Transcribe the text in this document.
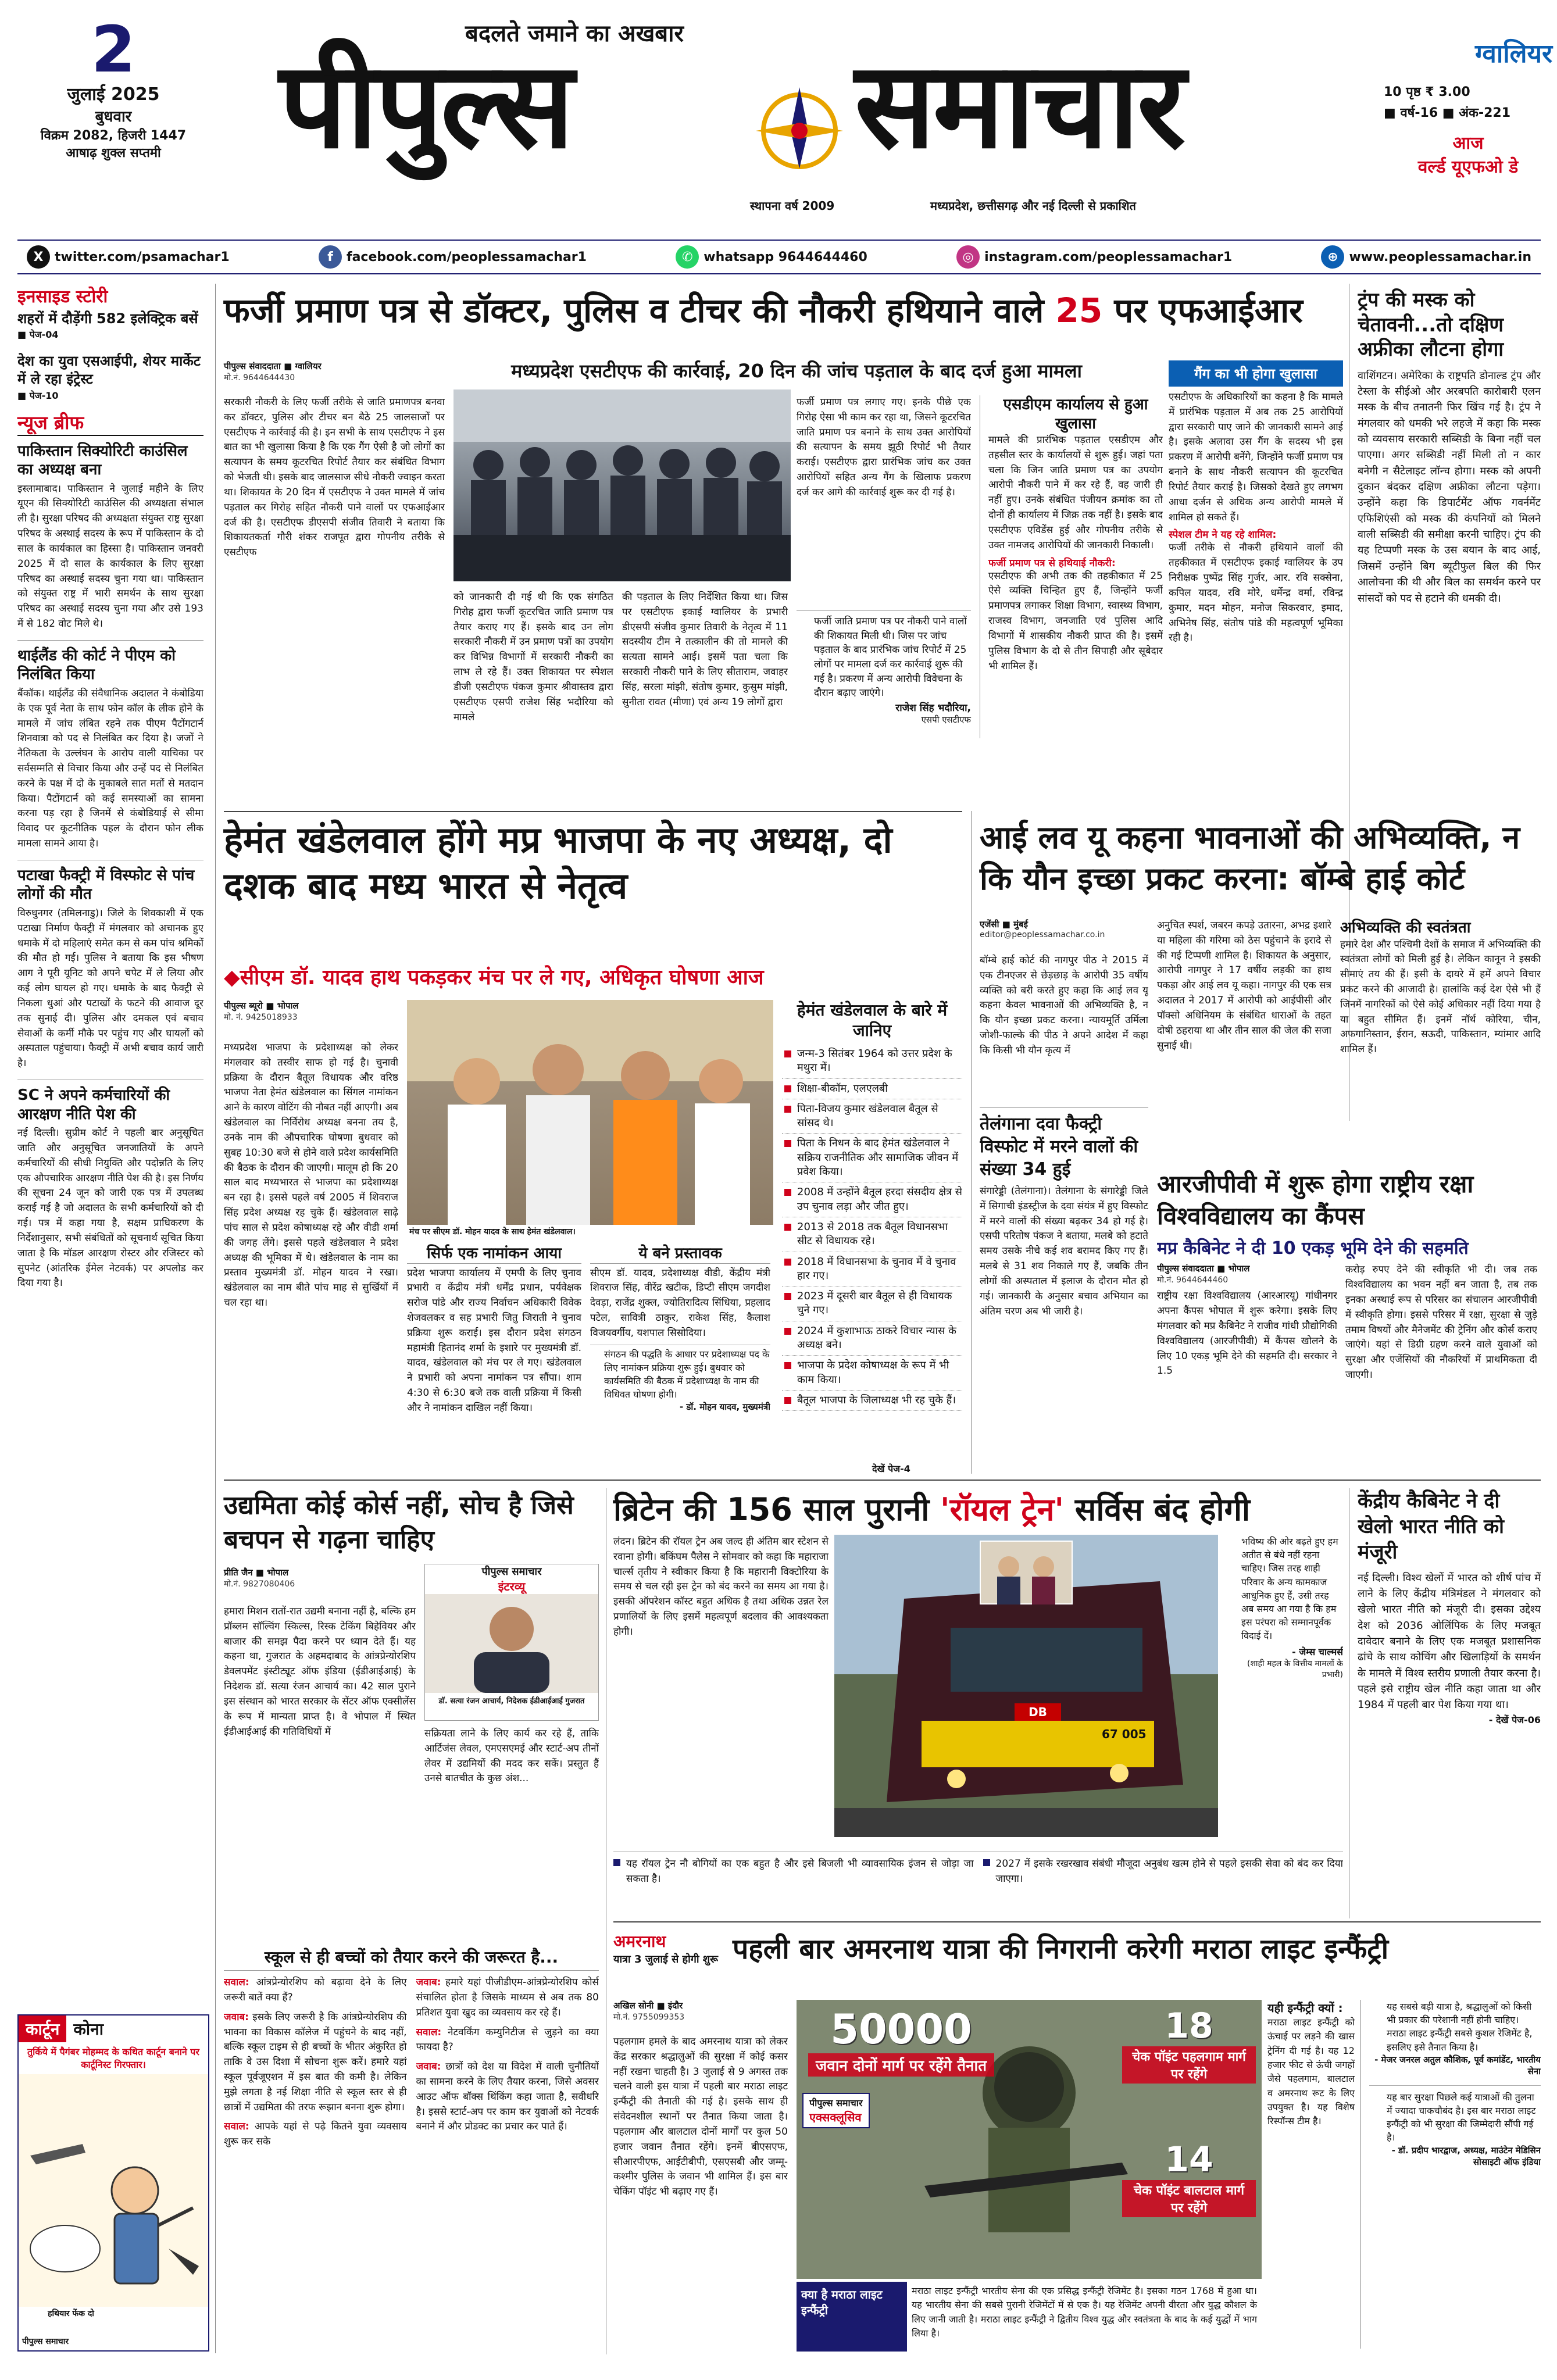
2
जुलाई 2025
बुधवार
विक्रम 2082, हिजरी 1447
आषाढ़ शुक्ल सप्तमी
बदलते जमाने का अखबार
पीपुल्स समाचार
स्थापना वर्ष 2009	मध्यप्रदेश, छत्तीसगढ़ और नई दिल्ली से प्रकाशित
ग्वालियर
10 पृष्ठ ₹ 3.00
■ वर्ष-16 ■ अंक-221
आज
वर्ल्ड यूएफओ डे
X twitter.com/psamachar1	f	facebook.com/peoplessamachar1	✆ whatsapp 9644644460	◎ instagram.com/peoplessamachar1	⊕ www.peoplessamachar.in
इनसाइड स्टोरी
शहरों में दौड़ेंगी 582 इलेक्ट्रिक बसें
■ पेज-04
देश का युवा एसआईपी, शेयर मार्केट में ले रहा इंट्रेस्ट
■ पेज-10
न्यूज ब्रीफ
पाकिस्तान सिक्योरिटी काउंसिल का अध्यक्ष बना
इस्लामाबाद। पाकिस्तान ने जुलाई महीने के लिए यूएन की सिक्योरिटी काउंसिल की अध्यक्षता संभाल ली है। सुरक्षा परिषद की अध्यक्षता संयुक्त राष्ट्र सुरक्षा परिषद के अस्थाई सदस्य के रूप में पाकिस्तान के दो साल के कार्यकाल का हिस्सा है। पाकिस्तान जनवरी 2025 में दो साल के कार्यकाल के लिए सुरक्षा परिषद का अस्थाई सदस्य चुना गया था। पाकिस्तान को संयुक्त राष्ट्र में भारी समर्थन के साथ सुरक्षा परिषद का अस्थाई सदस्य चुना गया और उसे 193 में से 182 वोट मिले थे।
थाईलैंड की कोर्ट ने पीएम को निलंबित किया
बैंकॉक। थाईलैंड की संवैधानिक अदालत ने कंबोडिया के एक पूर्व नेता के साथ फोन कॉल के लीक होने के मामले में जांच लंबित रहने तक पीएम पैटोंगटार्न शिनवात्रा को पद से निलंबित कर दिया है। जजों ने नैतिकता के उल्लंघन के आरोप वाली याचिका पर सर्वसम्मति से विचार किया और उन्हें पद से निलंबित करने के पक्ष में दो के मुकाबले सात मतों से मतदान किया। पैटोंगटार्न को कई समस्याओं का सामना करना पड़ रहा है जिनमें से कंबोडियाई से सीमा विवाद पर कूटनीतिक पहल के दौरान फोन लीक मामला सामने आया है।
पटाखा फैक्ट्री में विस्फोट से पांच लोगों की मौत
विरुधुनगर (तमिलनाडु)। जिले के शिवकाशी में एक पटाखा निर्माण फैक्ट्री में मंगलवार को अचानक हुए धमाके में दो महिलाएं समेत कम से कम पांच श्रमिकों की मौत हो गई। पुलिस ने बताया कि इस भीषण आग ने पूरी यूनिट को अपने चपेट में ले लिया और कई लोग घायल हो गए। धमाके के बाद फैक्ट्री से निकला धुआं और पटाखों के फटने की आवाज दूर तक सुनाई दी। पुलिस और दमकल एवं बचाव सेवाओं के कर्मी मौके पर पहुंच गए और घायलों को अस्पताल पहुंचाया। फैक्ट्री में अभी बचाव कार्य जारी है।
SC ने अपने कर्मचारियों की आरक्षण नीति पेश की
नई दिल्ली। सुप्रीम कोर्ट ने पहली बार अनुसूचित जाति और अनुसूचित जनजातियों के अपने कर्मचारियों की सीधी नियुक्ति और पदोन्नति के लिए एक औपचारिक आरक्षण नीति पेश की है। इस निर्णय की सूचना 24 जून को जारी एक पत्र में उपलब्ध कराई गई है जो अदालत के सभी कर्मचारियों को दी गई। पत्र में कहा गया है, सक्षम प्राधिकरण के निर्देशानुसार, सभी संबंधितों को सूचनार्थ सूचित किया जाता है कि मॉडल आरक्षण रोस्टर और रजिस्टर को सुपनेट (आंतरिक ईमेल नेटवर्क) पर अपलोड कर दिया गया है।
कार्टून कोना
तुर्किये में पैगंबर मोहम्मद के कथित कार्टून बनाने पर कार्टूनिस्ट गिरफ्तार।
हथियार फेंक दो
पीपुल्स समाचार
फर्जी प्रमाण पत्र से डॉक्टर, पुलिस व टीचर की नौकरी हथियाने वाले 25 पर एफआईआर
पीपुल्स संवाददाता ■ ग्वालियर
मो.नं. 9644644430	मध्यप्रदेश एसटीएफ की कार्रवाई, 20 दिन की जांच पड़ताल के बाद दर्ज हुआ मामला
सरकारी नौकरी के लिए फर्जी तरीके से जाति प्रमाणपत्र बनवा कर डॉक्टर, पुलिस और टीचर बन बैठे 25 जालसाजों पर एसटीएफ ने कार्रवाई की है। इन सभी के साथ एसटीएफ ने इस बात का भी खुलासा किया है कि एक गैंग ऐसी है जो लोगों का सत्यापन के समय कूटरचित रिपोर्ट तैयार कर संबंधित विभाग को भेजती थी। इसके बाद जालसाज सीधे नौकरी ज्वाइन करता था। शिकायत के 20 दिन में एसटीएफ ने उक्त मामले में जांच पड़ताल कर गिरोह सहित नौकरी पाने वालों पर एफआईआर दर्ज की है। एसटीएफ डीएसपी संजीव तिवारी ने बताया कि शिकायतकर्ता गौरी शंकर राजपूत द्वारा गोपनीय तरीके से एसटीएफ
को जानकारी दी गई थी कि एक संगठित गिरोह द्वारा फर्जी कूटरचित जाति प्रमाण पत्र तैयार कराए गए हैं। इसके बाद उन लोग सरकारी नौकरी में उन प्रमाण पत्रों का उपयोग कर विभिन्न विभागों में सरकारी नौकरी का लाभ ले रहे हैं। उक्त शिकायत पर स्पेशल डीजी एसटीएफ पंकज कुमार श्रीवास्तव द्वारा एसटीएफ एसपी राजेश सिंह भदौरिया को मामले
की पड़ताल के लिए निर्देशित किया था। जिस पर एसटीएफ इकाई ग्वालियर के प्रभारी डीएसपी संजीव कुमार तिवारी के नेतृत्व में 11 सदस्यीय टीम ने तत्कालीन की तो मामले की सत्यता सामने आई। इसमें पता चला कि सरकारी नौकरी पाने के लिए सीताराम, जवाहर सिंह, सरला मांझी, संतोष कुमार, कुसुम मांझी, सुनीता रावत (मीणा) एवं अन्य 19 लोगों द्वारा
फर्जी प्रमाण पत्र लगाए गए। इनके पीछे एक गिरोह ऐसा भी काम कर रहा था, जिसने कूटरचित जाति प्रमाण पत्र बनाने के साथ उक्त आरोपियों की सत्यापन के समय झूठी रिपोर्ट भी तैयार कराई। एसटीएफ द्वारा प्रारंभिक जांच कर उक्त आरोपियों सहित अन्य गैंग के खिलाफ प्रकरण दर्ज कर आगे की कार्रवाई शुरू कर दी गई है।
फर्जी जाति प्रमाण पत्र पर नौकरी पाने वालों की शिकायत मिली थी। जिस पर जांच पड़ताल के बाद प्रारंभिक जांच रिपोर्ट में 25 लोगों पर मामला दर्ज कर कार्रवाई शुरू की गई है। प्रकरण में अन्य आरोपी विवेचना के दौरान बढ़ाए जाएंगे।
राजेश सिंह भदौरिया,
एसपी एसटीएफ
एसडीएम कार्यालय से हुआ खुलासा
मामले की प्रारंभिक पड़ताल एसडीएम और तहसील स्तर के कार्यालयों से शुरू हुई। जहां पता चला कि जिन जाति प्रमाण पत्र का उपयोग आरोपी नौकरी पाने में कर रहे हैं, वह जारी ही नहीं हुए। उनके संबंधित पंजीयन क्रमांक का तो दोनों ही कार्यालय में जिक्र तक नहीं है। इसके बाद एसटीएफ एविडेंस हुई और गोपनीय तरीके से उक्त नामजद आरोपियों की जानकारी निकाली।
फर्जी प्रमाण पत्र से हथियाई नौकरी:
एसटीएफ की अभी तक की तहकीकात में 25 ऐसे व्यक्ति चिन्हित हुए हैं, जिन्होंने फर्जी प्रमाणपत्र लगाकर शिक्षा विभाग, स्वास्थ्य विभाग, राजस्व विभाग, जनजाति एवं पुलिस आदि विभागों में शासकीय नौकरी प्राप्त की है। इसमें पुलिस विभाग के दो से तीन सिपाही और सूबेदार भी शामिल हैं।
गैंग का भी होगा खुलासा
एसटीएफ के अधिकारियों का कहना है कि मामले में प्रारंभिक पड़ताल में अब तक 25 आरोपियों द्वारा सरकारी पाए जाने की जानकारी सामने आई है। इसके अलावा उस गैंग के सदस्य भी इस प्रकरण में आरोपी बनेंगे, जिन्होंने फर्जी प्रमाण पत्र बनाने के साथ नौकरी सत्यापन की कूटरचित रिपोर्ट तैयार कराई है। जिसको देखते हुए लगभग आधा दर्जन से अधिक अन्य आरोपी मामले में शामिल हो सकते हैं।
स्पेशल टीम ने यह रहे शामिल:
फर्जी तरीके से नौकरी हथियाने वालों की तहकीकात में एसटीएफ इकाई ग्वालियर के उप निरीक्षक पुष्पेंद्र सिंह गुर्जर, आर. रवि सक्सेना, कपिल यादव, रवि मोरे, धर्मेन्द्र वर्मा, रविन्द्र कुमार, मदन मोहन, मनोज सिकरवार, इमाद, अभिनेष सिंह, संतोष पांडे की महत्वपूर्ण भूमिका रही है।
ट्रंप की मस्क को चेतावनी...तो दक्षिण अफ्रीका लौटना होगा
वाशिंगटन। अमेरिका के राष्ट्रपति डोनाल्ड ट्रंप और टेस्ला के सीईओ और अरबपति कारोबारी एलन मस्क के बीच तनातनी फिर खिंच गई है। ट्रंप ने मंगलवार को धमकी भरे लहजे में कहा कि मस्क को व्यवसाय सरकारी सब्सिडी के बिना नहीं चल पाएगा। अगर सब्सिडी नहीं मिली तो न कार बनेगी न सैटेलाइट लॉन्च होगा। मस्क को अपनी दुकान बंदकर दक्षिण अफ्रीका लौटना पड़ेगा। उन्होंने कहा कि डिपार्टमेंट ऑफ गवर्नमेंट एफिशिएंसी को मस्क की कंपनियों को मिलने वाली सब्सिडी की समीक्षा करनी चाहिए। ट्रंप की यह टिप्पणी मस्क के उस बयान के बाद आई, जिसमें उन्होंने बिग ब्यूटीफुल बिल की फिर आलोचना की थी और बिल का समर्थन करने पर सांसदों को पद से हटाने की धमकी दी।
हेमंत खंडेलवाल होंगे मप्र भाजपा के नए अध्यक्ष, दो दशक बाद मध्य भारत से नेतृत्व
◆सीएम डॉ. यादव हाथ पकड़कर मंच पर ले गए, अधिकृत घोषणा आज
पीपुल्स ब्यूरो ■ भोपाल
मो. नं. 9425018933
मध्यप्रदेश भाजपा के प्रदेशाध्यक्ष को लेकर मंगलवार को तस्वीर साफ हो गई है। चुनावी प्रक्रिया के दौरान बैतूल विधायक और वरिष्ठ भाजपा नेता हेमंत खंडेलवाल का सिंगल नामांकन आने के कारण वोटिंग की नौबत नहीं आएगी। अब खंडेलवाल का निर्विरोध अध्यक्ष बनना तय है, उनके नाम की औपचारिक घोषणा बुधवार को सुबह 10:30 बजे से होने वाले प्रदेश कार्यसमिति की बैठक के दौरान की जाएगी। मालूम हो कि 20 साल बाद मध्यभारत से भाजपा का प्रदेशाध्यक्ष बन रहा है। इससे पहले वर्ष 2005 में शिवराज सिंह प्रदेश अध्यक्ष रह चुके हैं। खंडेलवाल साढ़े पांच साल से प्रदेश कोषाध्यक्ष रहे और वीडी शर्मा की जगह लेंगे। इससे पहले खंडेलवाल ने प्रदेश अध्यक्ष की भूमिका में थे। खंडेलवाल के नाम का प्रस्ताव मुख्यमंत्री डॉ. मोहन यादव ने रखा। खंडेलवाल का नाम बीते पांच माह से सुर्खियों में चल रहा था।
मंच पर सीएम डॉ. मोहन यादव के साथ हेमंत खंडेलवाल।
सिर्फ एक नामांकन आया
प्रदेश भाजपा कार्यालय में एमपी के लिए चुनाव प्रभारी व केंद्रीय मंत्री धर्मेंद्र प्रधान, पर्यवेक्षक सरोज पांडे और राज्य निर्वाचन अधिकारी विवेक शेजवलकर व सह प्रभारी जितु जिराती ने चुनाव प्रक्रिया शुरू कराई। इस दौरान प्रदेश संगठन महामंत्री हितानंद शर्मा के इशारे पर मुख्यमंत्री डॉ. यादव, खंडेलवाल को मंच पर ले गए। खंडेलवाल ने प्रभारी को अपना नामांकन पत्र सौंपा। शाम 4:30 से 6:30 बजे तक वाली प्रक्रिया में किसी और ने नामांकन दाखिल नहीं किया।
ये बने प्रस्तावक
सीएम डॉ. यादव, प्रदेशाध्यक्ष वीडी, केंद्रीय मंत्री शिवराज सिंह, वीरेंद्र खटीक, डिप्टी सीएम जगदीश देवड़ा, राजेंद्र शुक्ल, ज्योतिरादित्य सिंधिया, प्रहलाद पटेल, सावित्री ठाकुर, राकेश सिंह, कैलाश विजयवर्गीय, यशपाल सिसोदिया।
संगठन की पद्धति के आधार पर प्रदेशाध्यक्ष पद के लिए नामांकन प्रक्रिया शुरू हुई। बुधवार को कार्यसमिति की बैठक में प्रदेशाध्यक्ष के नाम की विधिवत घोषणा होगी।
- डॉ. मोहन यादव, मुख्यमंत्री
हेमंत खंडेलवाल के बारे में जानिए
जन्म-3 सितंबर 1964 को उत्तर प्रदेश के मथुरा में।
शिक्षा-बीकॉम, एलएलबी
पिता-विजय कुमार खंडेलवाल बैतूल से सांसद थे।
पिता के निधन के बाद हेमंत खंडेलवाल ने सक्रिय राजनीतिक और सामाजिक जीवन में प्रवेश किया।
2008 में उन्होंने बैतूल हरदा संसदीय क्षेत्र से उप चुनाव लड़ा और जीत हुए।
2013 से 2018 तक बैतूल विधानसभा सीट से विधायक रहे।
2018 में विधानसभा के चुनाव में वे चुनाव हार गए।
2023 में दूसरी बार बैतूल से ही विधायक चुने गए।
2024 में कुशाभाऊ ठाकरे विचार न्यास के अध्यक्ष बने।
भाजपा के प्रदेश कोषाध्यक्ष के रूप में भी काम किया।
बैतूल भाजपा के जिलाध्यक्ष भी रह चुके हैं।
देखें पेज-4
आई लव यू कहना भावनाओं की अभिव्यक्ति, न कि यौन इच्छा प्रकट करना: बॉम्बे हाई कोर्ट
एजेंसी ■ मुंबई
editor@peoplessamachar.co.in
बॉम्बे हाई कोर्ट की नागपुर पीठ ने 2015 में एक टीनएजर से छेड़छाड़ के आरोपी 35 वर्षीय व्यक्ति को बरी करते हुए कहा कि आई लव यू कहना केवल भावनाओं की अभिव्यक्ति है, न कि यौन इच्छा प्रकट करना। न्यायमूर्ति उर्मिला जोशी-फाल्के की पीठ ने अपने आदेश में कहा कि किसी भी यौन कृत्य में
अनुचित स्पर्श, जबरन कपड़े उतारना, अभद्र इशारे या महिला की गरिमा को ठेस पहुंचाने के इरादे से की गई टिप्पणी शामिल है। शिकायत के अनुसार, आरोपी नागपुर ने 17 वर्षीय लड़की का हाथ पकड़ा और आई लव यू कहा। नागपुर की एक सत्र अदालत ने 2017 में आरोपी को आईपीसी और पॉक्सो अधिनियम के संबंधित धाराओं के तहत दोषी ठहराया था और तीन साल की जेल की सजा सुनाई थी।
अभिव्यक्ति की स्वतंत्रता
हमारे देश और पश्चिमी देशों के समाज में अभिव्यक्ति की स्वतंत्रता लोगों को मिली हुई है। लेकिन कानून ने इसकी सीमाएं तय की हैं। इसी के दायरे में हमें अपने विचार प्रकट करने की आजादी है। हालांकि कई देश ऐसे भी हैं जिनमें नागरिकों को ऐसे कोई अधिकार नहीं दिया गया है या बहुत सीमित हैं। इनमें नॉर्थ कोरिया, चीन, अफगानिस्तान, ईरान, सऊदी, पाकिस्तान, म्यांमार आदि शामिल हैं।
तेलंगाना दवा फैक्ट्री विस्फोट में मरने वालों की संख्या 34 हुई
संगारेड्डी (तेलंगाना)। तेलंगाना के संगारेड्डी जिले में सिगाची इंडस्ट्रीज के दवा संयंत्र में हुए विस्फोट में मरने वालों की संख्या बढ़कर 34 हो गई है। एसपी परितोष पंकज ने बताया, मलबे को हटाते समय उसके नीचे कई शव बरामद किए गए हैं। मलबे से 31 शव निकाले गए हैं, जबकि तीन लोगों की अस्पताल में इलाज के दौरान मौत हो गई। जानकारी के अनुसार बचाव अभियान का अंतिम चरण अब भी जारी है।
आरजीपीवी में शुरू होगा राष्ट्रीय रक्षा विश्वविद्यालय का कैंपस
मप्र कैबिनेट ने दी 10 एकड़ भूमि देने की सहमति
पीपुल्स संवाददाता ■ भोपाल
मो.नं. 9644644460
राष्ट्रीय रक्षा विश्वविद्यालय (आरआरयू) गांधीनगर अपना कैंपस भोपाल में शुरू करेगा। इसके लिए मंगलवार को मप्र कैबिनेट ने राजीव गांधी प्रौद्योगिकी विश्वविद्यालय (आरजीपीवी) में कैंपस खोलने के लिए 10 एकड़ भूमि देने की सहमति दी। सरकार ने 1.5
करोड़ रुपए देने की स्वीकृति भी दी। जब तक विश्वविद्यालय का भवन नहीं बन जाता है, तब तक इनका अस्थाई रूप से परिसर का संचालन आरजीपीवी में स्वीकृति होगा। इससे परिसर में रक्षा, सुरक्षा से जुड़े तमाम विषयों और मैनेजमेंट की ट्रेनिंग और कोर्स कराए जाएंगे। यहां से डिग्री ग्रहण करने वाले युवाओं को सुरक्षा और एजेंसियों की नौकरियों में प्राथमिकता दी जाएगी।
उद्यमिता कोई कोर्स नहीं, सोच है जिसे बचपन से गढ़ना चाहिए
प्रीति जैन ■ भोपाल
मो.नं. 9827080406
हमारा मिशन रातों-रात उद्यमी बनाना नहीं है, बल्कि हम प्रॉब्लम सॉल्विंग स्किल्स, रिस्क टेकिंग बिहेवियर और बाजार की समझ पैदा करने पर ध्यान देते हैं। यह कहना था, गुजरात के अहमदाबाद के आंत्रप्रेन्योरशिप डेवलपमेंट इंस्टीट्यूट ऑफ इंडिया (ईडीआईआई) के निदेशक डॉ. सत्या रंजन आचार्य का। 42 साल पुराने इस संस्थान को भारत सरकार के सेंटर ऑफ एक्सीलेंस के रूप में मान्यता प्राप्त है। वे भोपाल में स्थित ईडीआईआई की गतिविधियों में
पीपुल्स समाचार
इंटरव्यू
डॉ. सत्या रंजन आचार्य, निदेशक ईडीआईआई गुजरात
सक्रियता लाने के लिए कार्य कर रहे हैं, ताकि आर्टिजंस लेवल, एमएसएमई और स्टार्ट-अप तीनों लेवर में उद्यमियों की मदद कर सकें। प्रस्तुत हैं उनसे बातचीत के कुछ अंश...
स्कूल से ही बच्चों को तैयार करने की जरूरत है...

सवाल: आंत्रप्रेन्योरशिप को बढ़ावा देने के लिए जरूरी बातें क्या हैं?

जवाब: इसके लिए जरूरी है कि आंत्रप्रेन्योरशिप की भावना का विकास कॉलेज में पहुंचने के बाद नहीं, बल्कि स्कूल टाइम से ही बच्चों के भीतर अंकुरित हो ताकि वे उस दिशा में सोचना शुरू करें। हमारे यहां स्कूल पूर्वजूएशन में इस बात की कमी है। लेकिन मुझे लगता है नई शिक्षा नीति से स्कूल स्तर से ही छात्रों में उद्यमिता की तरफ रूझान बनना शुरू होगा।

सवाल: आपके यहां से पढ़े कितने युवा व्यवसाय शुरू कर सके

जवाब: हमारे यहां पीजीडीएम-आंत्रप्रेन्योरशिप कोर्स संचालित होता है जिसके माध्यम से अब तक 80 प्रतिशत युवा खुद का व्यवसाय कर रहे हैं।

सवाल: नेटवर्किंग कम्युनिटीज से जुड़ने का क्या फायदा है?

जवाब: छात्रों को देश या विदेश में वाली चुनौतियों का सामना करने के लिए तैयार करना, जिसे अवसर आउट ऑफ बॉक्स थिंकिंग कहा जाता है, सवीधरि है। इससे स्टार्ट-अप पर काम कर युवाओं को नेटवर्क बनाने में और प्रोडक्ट का प्रचार कर पाते हैं।

ब्रिटेन की 156 साल पुरानी 'रॉयल ट्रेन' सर्विस बंद होगी
लंदन। ब्रिटेन की रॉयल ट्रेन अब जल्द ही अंतिम बार स्टेशन से रवाना होगी। बकिंघम पैलेस ने सोमवार को कहा कि महाराजा चार्ल्स तृतीय ने स्वीकार किया है कि महारानी विक्टोरिया के समय से चल रही इस ट्रेन को बंद करने का समय आ गया है। इसकी ऑपरेशन कॉस्ट बहुत अधिक है तथा अधिक उन्नत रेल प्रणालियों के लिए इसमें महत्वपूर्ण बदलाव की आवश्यकता होगी।
DB
67 005
भविष्य की ओर बढ़ते हुए हम अतीत से बंधे नहीं रहना चाहिए। जिस तरह शाही परिवार के अन्य कामकाज आधुनिक हुए हैं, उसी तरह अब समय आ गया है कि हम इस परंपरा को सम्मानपूर्वक विदाई दें।
- जेम्स चाल्मर्स
(शाही महल के वित्तीय मामलों के प्रभारी)
यह रॉयल ट्रेन नौ बोगियों का एक बहुत है और इसे बिजली भी व्यावसायिक इंजन से जोड़ा जा सकता है।
2027 में इसके रखरखाव संबंधी मौजूदा अनुबंध खत्म होने से पहले इसकी सेवा को बंद कर दिया जाएगा।
केंद्रीय कैबिनेट ने दी खेलो भारत नीति को मंजूरी
नई दिल्ली। विश्व खेलों में भारत को शीर्ष पांच में लाने के लिए केंद्रीय मंत्रिमंडल ने मंगलवार को खेलो भारत नीति को मंजूरी दी। इसका उद्देश्य देश को 2036 ओलिंपिक के लिए मजबूत दावेदार बनाने के लिए एक मजबूत प्रशासनिक ढांचे के साथ कोचिंग और खिलाड़ियों के समर्थन के मामले में विश्व स्तरीय प्रणाली तैयार करना है। पहले इसे राष्ट्रीय खेल नीति कहा जाता था और 1984 में पहली बार पेश किया गया था।
- देखें पेज-06
अमरनाथ
यात्रा 3 जुलाई से होगी शुरू पहली बार अमरनाथ यात्रा की निगरानी करेगी मराठा लाइट इन्फैंट्री
अखिल सोनी ■ इंदौर
मो.नं. 9755099353
पहलगाम हमले के बाद अमरनाथ यात्रा को लेकर केंद्र सरकार श्रद्धालुओं की सुरक्षा में कोई कसर नहीं रखना चाहती है। 3 जुलाई से 9 अगस्त तक चलने वाली इस यात्रा में पहली बार मराठा लाइट इन्फैंट्री की तैनाती की गई है। इसके साथ ही संवेदनशील स्थानों पर तैनात किया जाता है। पहलगाम और बालटाल दोनों मार्गों पर कुल 50 हजार जवान तैनात रहेंगे। इनमें बीएसएफ, सीआरपीएफ, आईटीबीपी, एसएसबी और जम्मू-कश्मीर पुलिस के जवान भी शामिल हैं। इस बार चेकिंग पॉइंट भी बढ़ाए गए हैं।
50000
जवान दोनों मार्ग पर रहेंगे तैनात
18
चेक पॉइंट पहलगाम मार्ग पर रहेंगे
14
चेक पॉइंट बालटाल मार्ग पर रहेंगे
पीपुल्स समाचार
एक्सक्लूसिव
क्या है मराठा लाइट इन्फैंट्री
मराठा लाइट इन्फैंट्री भारतीय सेना की एक प्रसिद्ध इन्फैंट्री रेजिमेंट है। इसका गठन 1768 में हुआ था। यह भारतीय सेना की सबसे पुरानी रेजिमेंटों में से एक है। यह रेजिमेंट अपनी वीरता और युद्ध कौशल के लिए जानी जाती है। मराठा लाइट इन्फैंट्री ने द्वितीय विश्व युद्ध और स्वतंत्रता के बाद के कई युद्धों में भाग लिया है।
यही इन्फैंट्री क्यों :
मराठा लाइट इन्फैंट्री को ऊंचाई पर लड़ने की खास ट्रेनिंग दी गई है। यह 12 हजार फीट से ऊंची जगहों जैसे पहलगाम, बालटाल व अमरनाथ रूट के लिए उपयुक्त है। यह विशेष रिस्पॉन्स टीम है।
यह सबसे बड़ी यात्रा है, श्रद्धालुओं को किसी भी प्रकार की परेशानी नहीं होनी चाहिए। मराठा लाइट इन्फैंट्री सबसे कुशल रेजिमेंट है, इसलिए इसे तैनात किया है।
- मेजर जनरल अतुल कौशिक, पूर्व कमांडेंट, भारतीय सेना
यह बार सुरक्षा पिछले कई यात्राओं की तुलना में ज्यादा चाकचौबंद है। इस बार मराठा लाइट इन्फैंट्री को भी सुरक्षा की जिम्मेदारी सौंपी गई है।
- डॉ. प्रदीप भारद्वाज, अध्यक्ष, माउंटेन मेडिसिन सोसाइटी ऑफ इंडिया
